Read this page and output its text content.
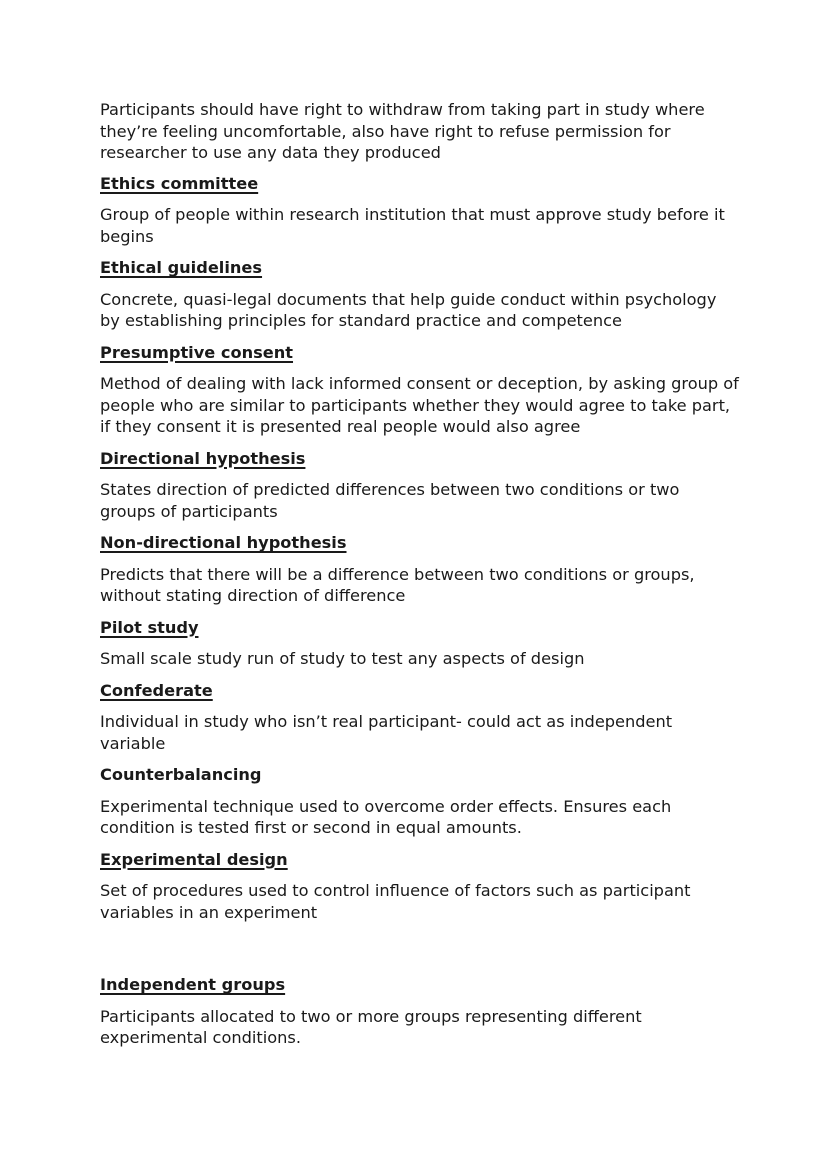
Participants should have right to withdraw from taking part in study where they’re feeling uncomfortable, also have right to refuse permission for researcher to use any data they produced

Ethics committee

Group of people within research institution that must approve study before it begins

Ethical guidelines

Concrete, quasi-legal documents that help guide conduct within psychology by establishing principles for standard practice and competence

Presumptive consent

Method of dealing with lack informed consent or deception, by asking group of people who are similar to participants whether they would agree to take part, if they consent it is presented real people would also agree

Directional hypothesis

States direction of predicted differences between two conditions or two groups of participants

Non-directional hypothesis

Predicts that there will be a difference between two conditions or groups, without stating direction of difference

Pilot study

Small scale study run of study to test any aspects of design

Confederate

Individual in study who isn’t real participant- could act as independent variable

Counterbalancing

Experimental technique used to overcome order effects. Ensures each condition is tested first or second in equal amounts.

Experimental design

Set of procedures used to control influence of factors such as participant variables in an experiment

Independent groups

Participants allocated to two or more groups representing different experimental conditions.
